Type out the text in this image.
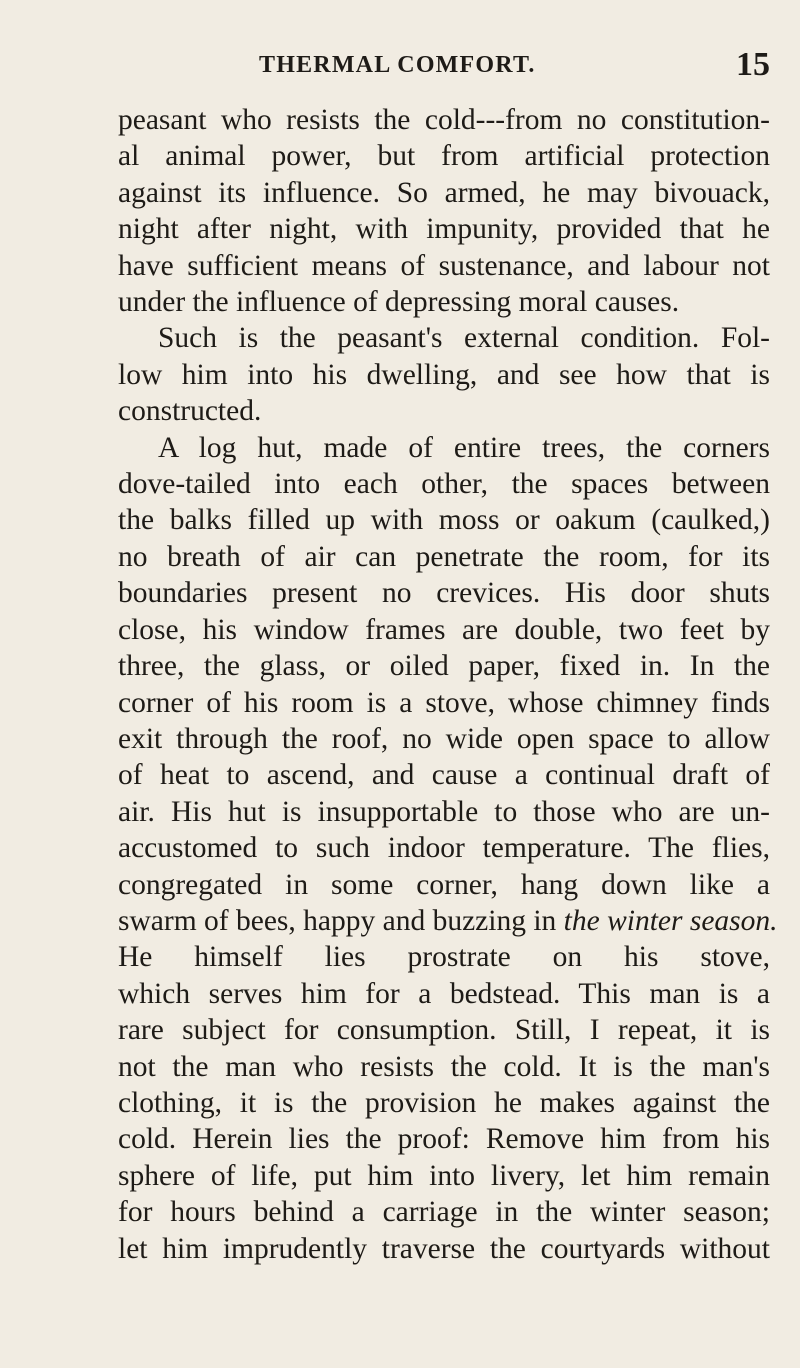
THERMAL COMFORT.	15
peasant who resists the cold---from no constitution-
al animal power, but from artificial protection
against its influence. So armed, he may bivouack,
night after night, with impunity, provided that he
have sufficient means of sustenance, and labour not
under the influence of depressing moral causes.
Such is the peasant's external condition. Fol-
low him into his dwelling, and see how that is
constructed.
A log hut, made of entire trees, the corners
dove-tailed into each other, the spaces between
the balks filled up with moss or oakum (caulked,)
no breath of air can penetrate the room, for its
boundaries present no crevices. His door shuts
close, his window frames are double, two feet by
three, the glass, or oiled paper, fixed in. In the
corner of his room is a stove, whose chimney finds
exit through the roof, no wide open space to allow
of heat to ascend, and cause a continual draft of
air. His hut is insupportable to those who are un-
accustomed to such indoor temperature. The flies,
congregated in some corner, hang down like a
swarm of bees, happy and buzzing in the winter season.
He himself lies prostrate on his stove,
which serves him for a bedstead. This man is a
rare subject for consumption. Still, I repeat, it is
not the man who resists the cold. It is the man's
clothing, it is the provision he makes against the
cold. Herein lies the proof: Remove him from his
sphere of life, put him into livery, let him remain
for hours behind a carriage in the winter season;
let him imprudently traverse the courtyards without
